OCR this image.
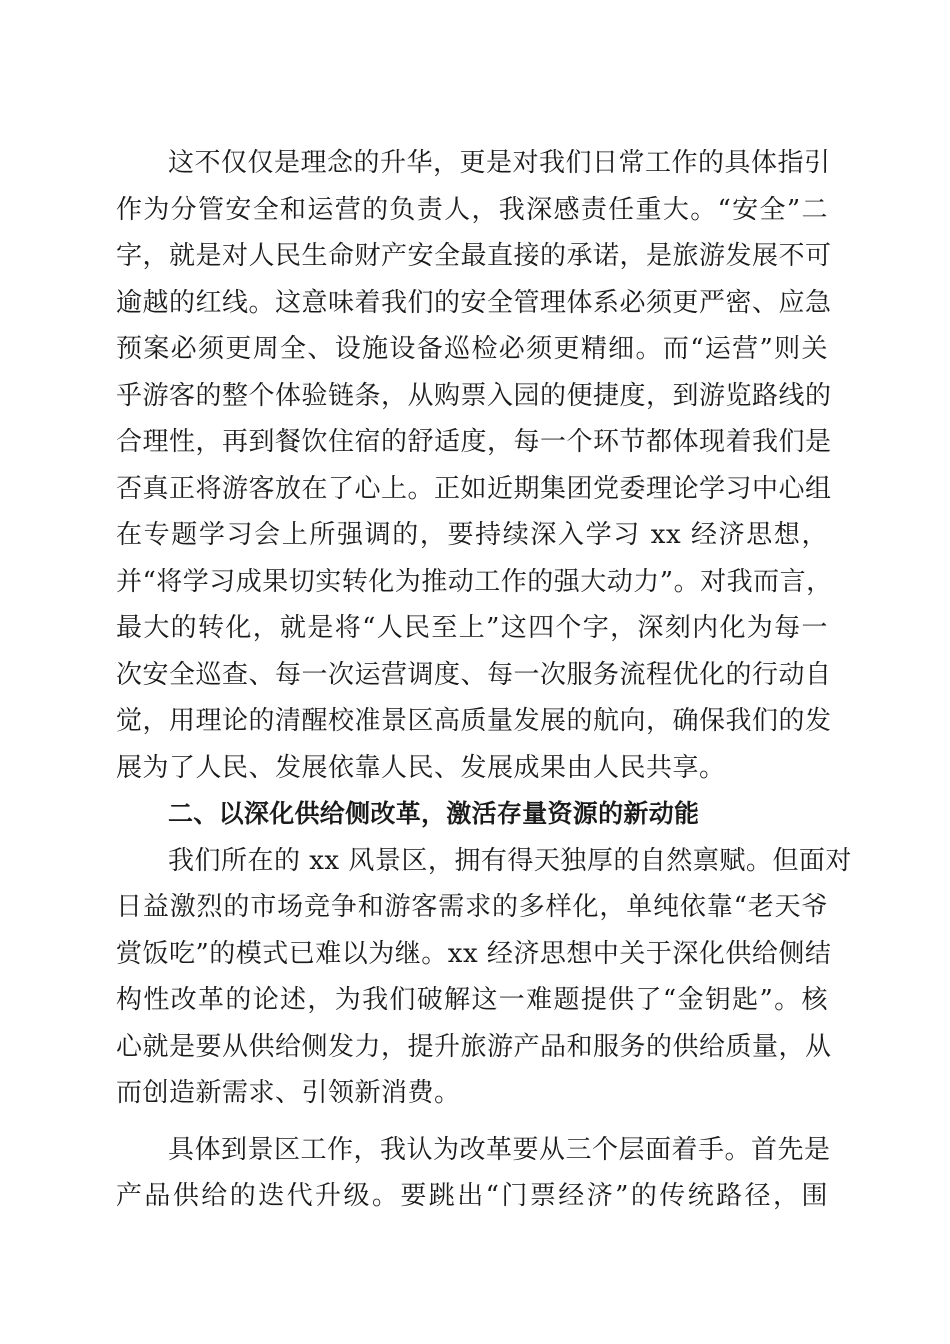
这不仅仅是理念的升华，更是对我们日常工作的具体指引
作为分管安全和运营的负责人，我深感责任重大。“安全”二
字，就是对人民生命财产安全最直接的承诺，是旅游发展不可
逾越的红线。这意味着我们的安全管理体系必须更严密、应急
预案必须更周全、设施设备巡检必须更精细。而“运营”则关
乎游客的整个体验链条，从购票入园的便捷度，到游览路线的
合理性，再到餐饮住宿的舒适度，每一个环节都体现着我们是
否真正将游客放在了心上。正如近期集团党委理论学习中心组
在专题学习会上所强调的，要持续深入学习 xx 经济思想，
并“将学习成果切实转化为推动工作的强大动力”。对我而言，
最大的转化，就是将“人民至上”这四个字，深刻内化为每一
次安全巡查、每一次运营调度、每一次服务流程优化的行动自
觉，用理论的清醒校准景区高质量发展的航向，确保我们的发
展为了人民、发展依靠人民、发展成果由人民共享。
二、以深化供给侧改革，激活存量资源的新动能
我们所在的 xx 风景区，拥有得天独厚的自然禀赋。但面对
日益激烈的市场竞争和游客需求的多样化，单纯依靠“老天爷
赏饭吃”的模式已难以为继。xx 经济思想中关于深化供给侧结
构性改革的论述，为我们破解这一难题提供了“金钥匙”。核
心就是要从供给侧发力，提升旅游产品和服务的供给质量，从
而创造新需求、引领新消费。
具体到景区工作，我认为改革要从三个层面着手。首先是
产品供给的迭代升级。要跳出“门票经济”的传统路径，围
